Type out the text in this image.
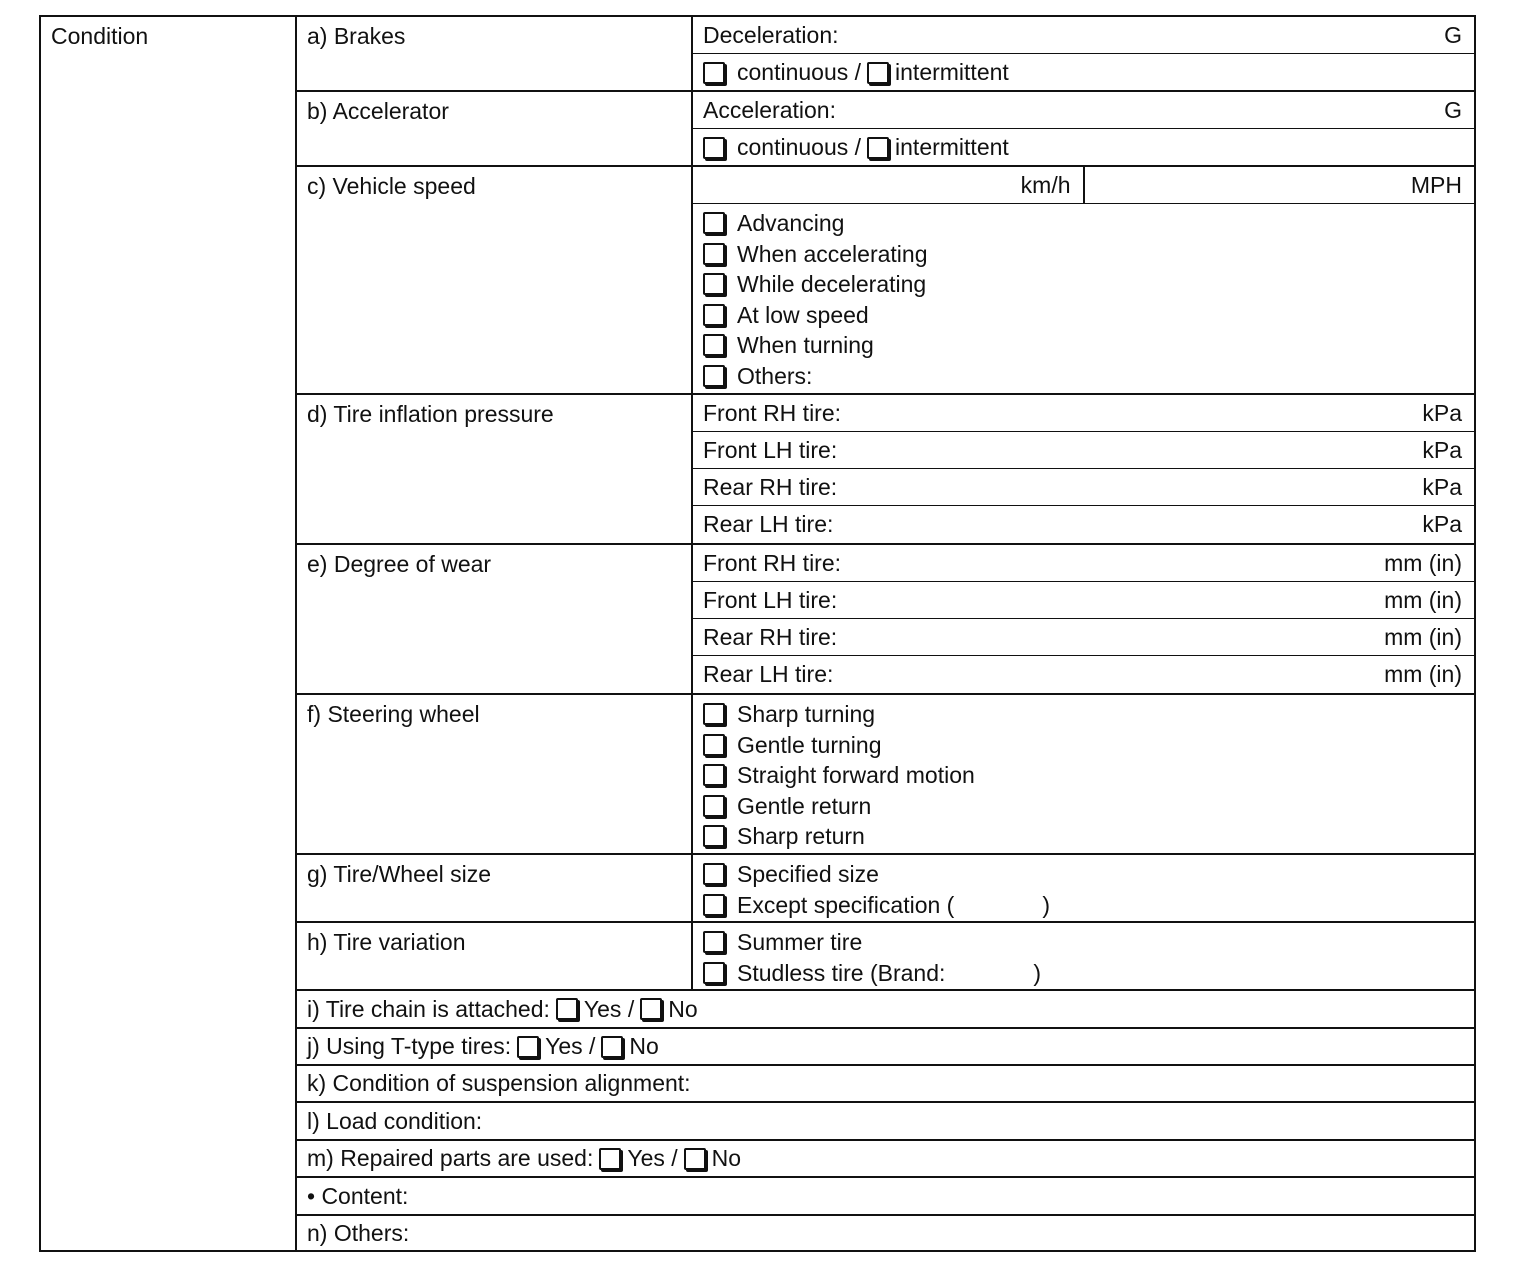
Condition	a) Brakes	Deceleration:	G
continuous / intermittent
b) Accelerator	Acceleration:	G
continuous / intermittent
c) Vehicle speed	km/h	MPH
Advancing
When accelerating
While decelerating
At low speed
When turning
Others:
d) Tire inflation pressure	Front RH tire:	kPa
Front LH tire:	kPa
Rear RH tire:	kPa
Rear LH tire:	kPa
e) Degree of wear	Front RH tire:	mm (in)
Front LH tire:	mm (in)
Rear RH tire:	mm (in)
Rear LH tire:	mm (in)
f) Steering wheel	Sharp turning
Gentle turning
Straight forward motion
Gentle return
Sharp return
g) Tire/Wheel size	Specified size
Except specification (	)
h) Tire variation	Summer tire
Studless tire (Brand:	)
i) Tire chain is attached: Yes / No
j) Using T-type tires: Yes / No
k) Condition of suspension alignment:
l) Load condition:
m) Repaired parts are used: Yes / No
• Content:
n) Others:
